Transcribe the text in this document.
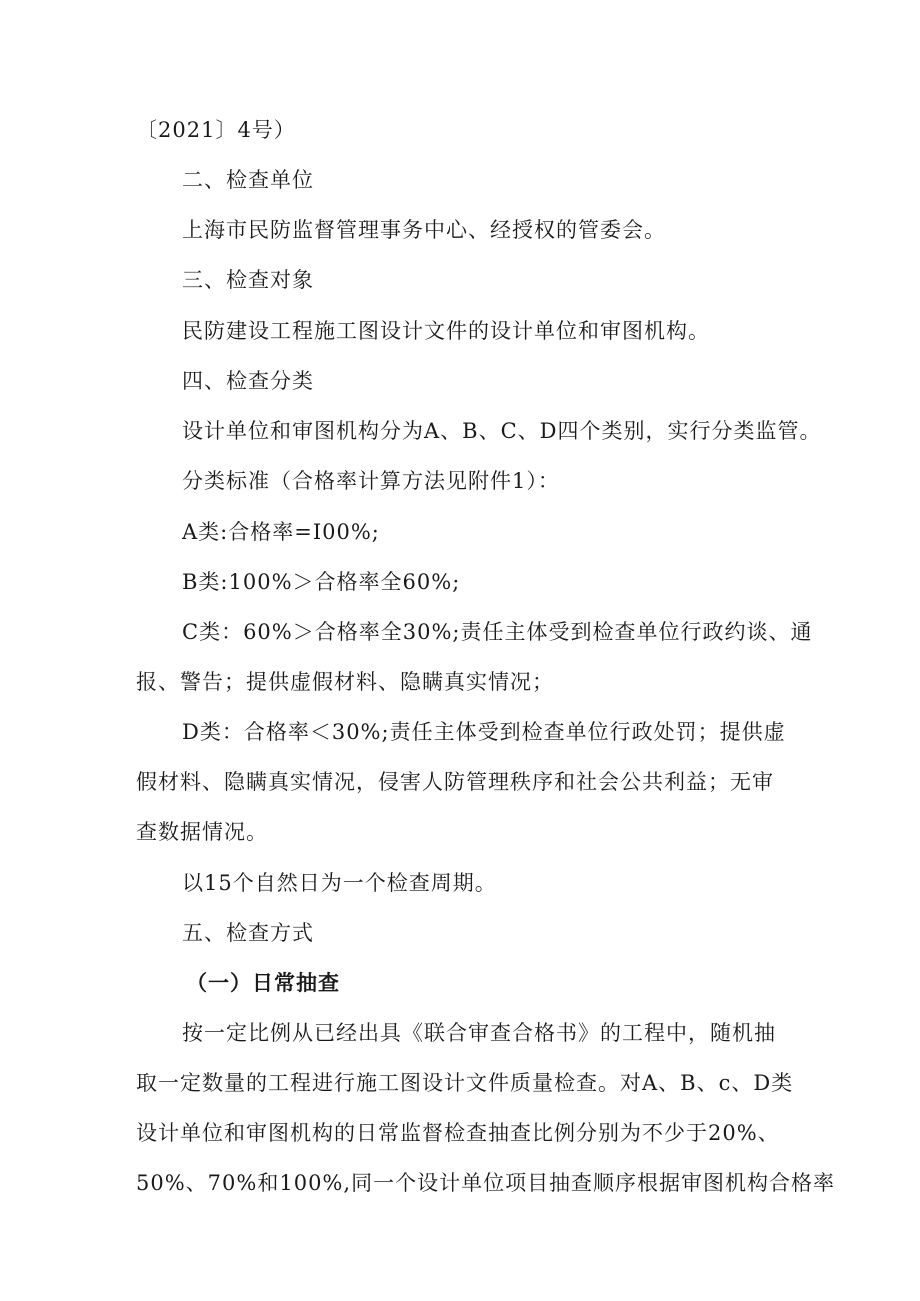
〔2021〕4号）
二、检查单位
上海市民防监督管理事务中心、经授权的管委会。
三、检查对象
民防建设工程施工图设计文件的设计单位和审图机构。
四、检查分类
设计单位和审图机构分为A、B、C、D四个类别，实行分类监管。
分类标准（合格率计算方法见附件1）：
A类:合格率=I00%;
B类:100%＞合格率全60%;
C类：60%＞合格率全30%;责任主体受到检查单位行政约谈、通
报、警告；提供虚假材料、隐瞒真实情况；
D类：合格率＜30%;责任主体受到检查单位行政处罚；提供虚
假材料、隐瞒真实情况，侵害人防管理秩序和社会公共利益；无审
查数据情况。
以15个自然日为一个检查周期。
五、检查方式
（一）日常抽查
按一定比例从已经出具《联合审查合格书》的工程中，随机抽
取一定数量的工程进行施工图设计文件质量检查。对A、B、c、D类
设计单位和审图机构的日常监督检查抽查比例分别为不少于20%、
50%、70%和100%,同一个设计单位项目抽查顺序根据审图机构合格率
